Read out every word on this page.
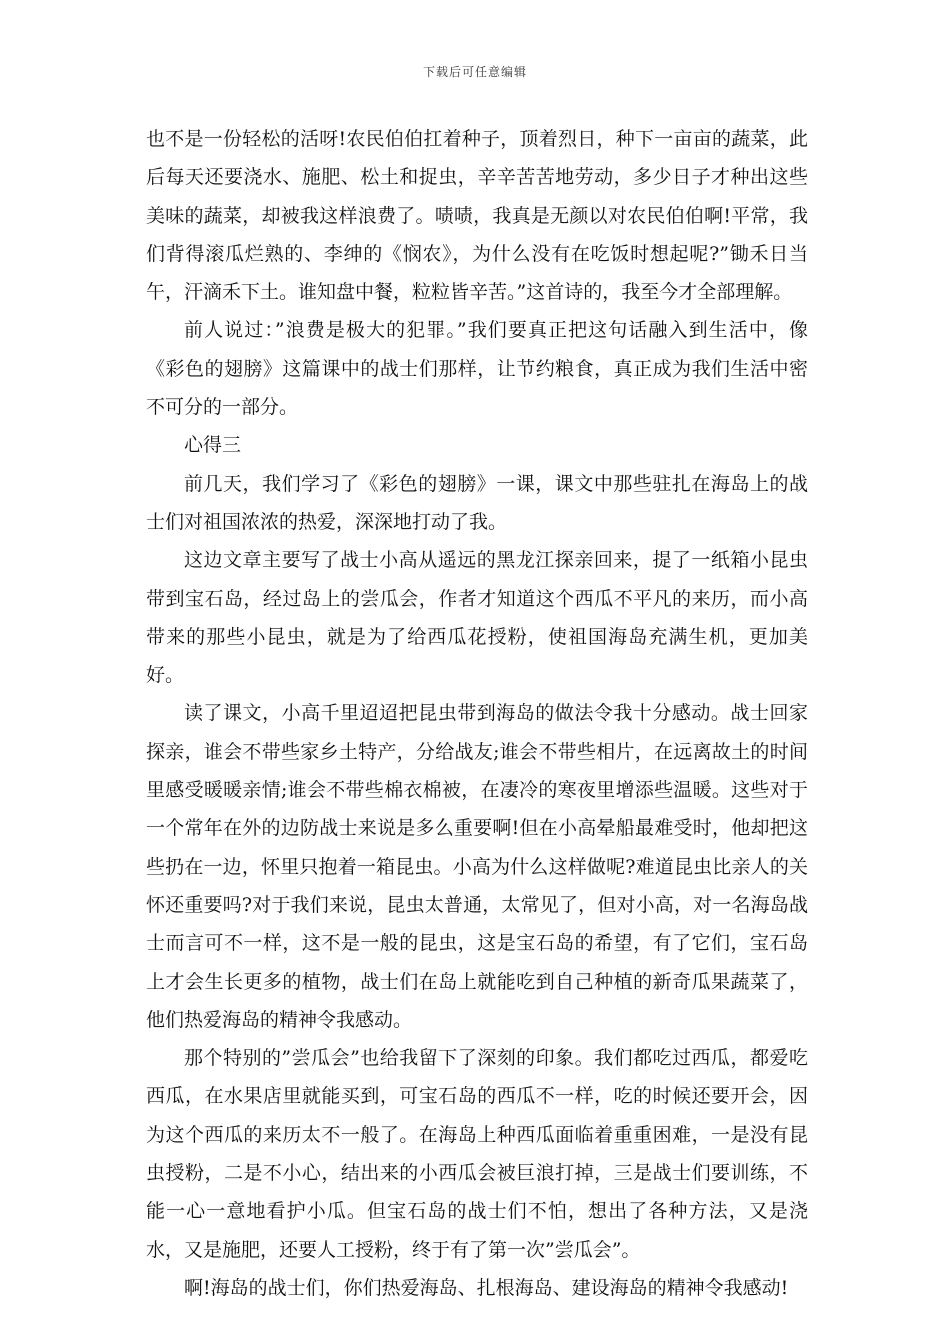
下载后可任意编辑

也不是一份轻松的活呀!农民伯伯扛着种子，顶着烈日，种下一亩亩的蔬菜，此后每天还要浇水、施肥、松土和捉虫，辛辛苦苦地劳动，多少日子才种出这些美味的蔬菜，却被我这样浪费了。啧啧，我真是无颜以对农民伯伯啊!平常，我们背得滚瓜烂熟的、李绅的《悯农》，为什么没有在吃饭时想起呢?”锄禾日当午，汗滴禾下土。谁知盘中餐，粒粒皆辛苦。”这首诗的，我至今才全部理解。

前人说过：”浪费是极大的犯罪。”我们要真正把这句话融入到生活中，像《彩色的翅膀》这篇课中的战士们那样，让节约粮食，真正成为我们生活中密不可分的一部分。

心得三

前几天，我们学习了《彩色的翅膀》一课，课文中那些驻扎在海岛上的战士们对祖国浓浓的热爱，深深地打动了我。

这边文章主要写了战士小高从遥远的黑龙江探亲回来，提了一纸箱小昆虫带到宝石岛，经过岛上的尝瓜会，作者才知道这个西瓜不平凡的来历，而小高带来的那些小昆虫，就是为了给西瓜花授粉，使祖国海岛充满生机，更加美好。

读了课文，小高千里迢迢把昆虫带到海岛的做法令我十分感动。战士回家探亲，谁会不带些家乡土特产，分给战友;谁会不带些相片，在远离故土的时间里感受暖暖亲情;谁会不带些棉衣棉被，在凄冷的寒夜里增添些温暖。这些对于一个常年在外的边防战士来说是多么重要啊!但在小高晕船最难受时，他却把这些扔在一边，怀里只抱着一箱昆虫。小高为什么这样做呢?难道昆虫比亲人的关怀还重要吗?对于我们来说，昆虫太普通，太常见了，但对小高，对一名海岛战士而言可不一样，这不是一般的昆虫，这是宝石岛的希望，有了它们，宝石岛上才会生长更多的植物，战士们在岛上就能吃到自己种植的新奇瓜果蔬菜了，他们热爱海岛的精神令我感动。

那个特别的”尝瓜会”也给我留下了深刻的印象。我们都吃过西瓜，都爱吃西瓜，在水果店里就能买到，可宝石岛的西瓜不一样，吃的时候还要开会，因为这个西瓜的来历太不一般了。在海岛上种西瓜面临着重重困难，一是没有昆虫授粉，二是不小心，结出来的小西瓜会被巨浪打掉，三是战士们要训练，不能一心一意地看护小瓜。但宝石岛的战士们不怕，想出了各种方法，又是浇水，又是施肥，还要人工授粉，终于有了第一次”尝瓜会”。

啊!海岛的战士们，你们热爱海岛、扎根海岛、建设海岛的精神令我感动!
